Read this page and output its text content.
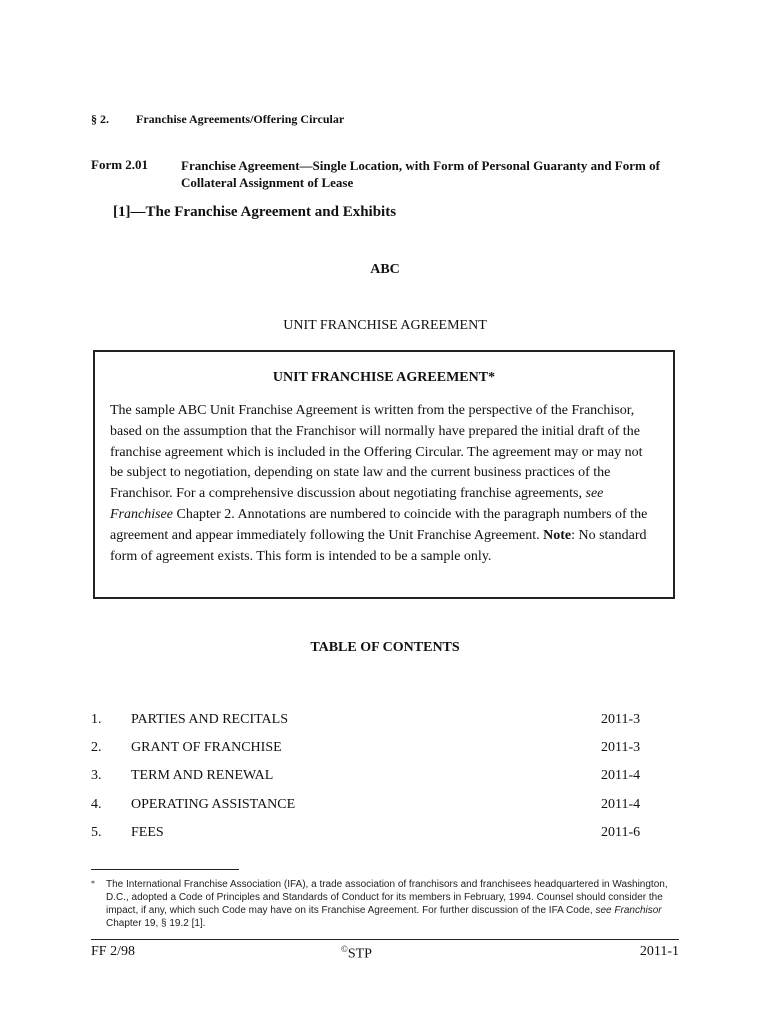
§ 2. Franchise Agreements/Offering Circular
Form 2.01	Franchise Agreement—Single Location, with Form of Personal Guaranty and Form of Collateral Assignment of Lease
[1]—The Franchise Agreement and Exhibits
ABC
UNIT FRANCHISE AGREEMENT
UNIT FRANCHISE AGREEMENT*
The sample ABC Unit Franchise Agreement is written from the perspective of the Franchisor, based on the assumption that the Franchisor will normally have prepared the initial draft of the franchise agreement which is included in the Offering Circular. The agreement may or may not be subject to negotiation, depending on state law and the current business practices of the Franchisor. For a comprehensive discussion about negotiating franchise agreements, see Franchisee Chapter 2. Annotations are numbered to coincide with the paragraph numbers of the agreement and appear immediately following the Unit Franchise Agreement. Note: No standard form of agreement exists. This form is intended to be a sample only.
TABLE OF CONTENTS
1. PARTIES AND RECITALS	2011-3
2. GRANT OF FRANCHISE	2011-3
3. TERM AND RENEWAL	2011-4
4. OPERATING ASSISTANCE	2011-4
5. FEES	2011-6
* The International Franchise Association (IFA), a trade association of franchisors and franchisees headquartered in Washington, D.C., adopted a Code of Principles and Standards of Conduct for its members in February, 1994. Counsel should consider the impact, if any, which such Code may have on its Franchise Agreement. For further discussion of the IFA Code, see Franchisor Chapter 19, § 19.2 [1].
FF 2/98	©STP	2011-1
